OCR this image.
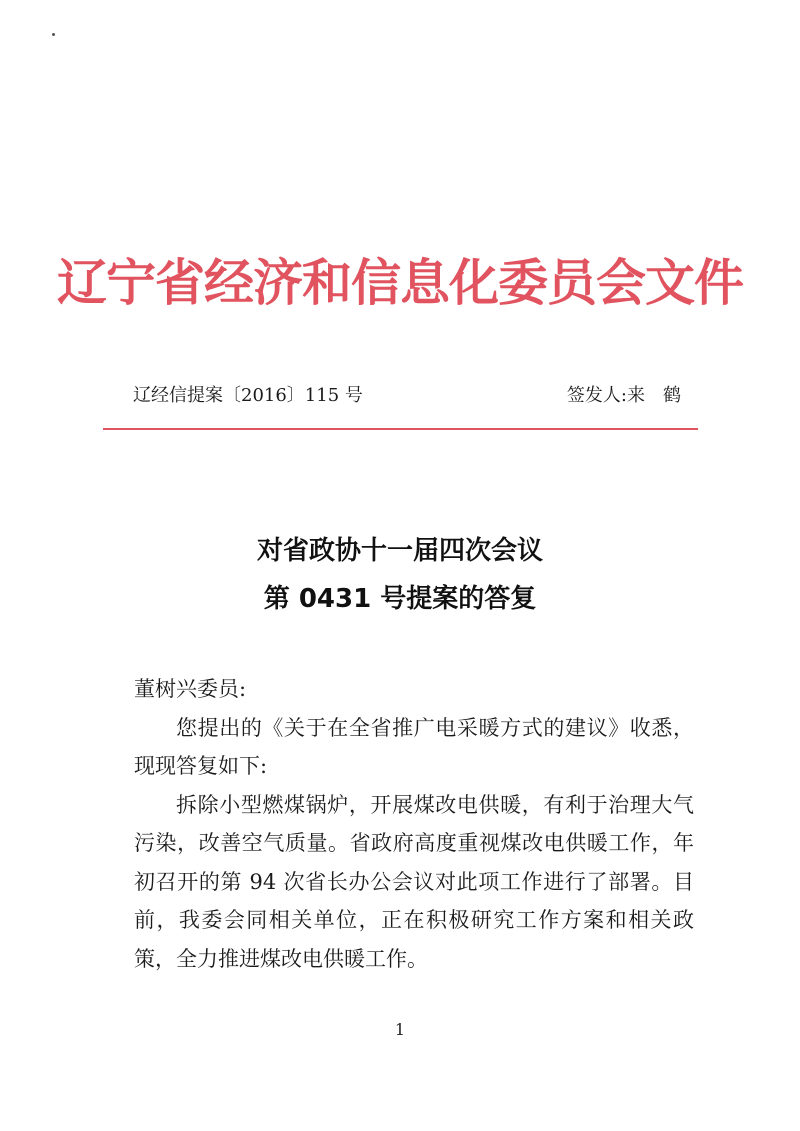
辽宁省经济和信息化委员会文件
辽经信提案〔2016〕115 号	签发人:来 鹤
对省政协十一届四次会议
第 0431 号提案的答复

董树兴委员:

您提出的《关于在全省推广电采暖方式的建议》收悉，现现答复如下:

拆除小型燃煤锅炉，开展煤改电供暖，有利于治理大气污染，改善空气质量。省政府高度重视煤改电供暖工作，年初召开的第 94 次省长办公会议对此项工作进行了部署。目前，我委会同相关单位，正在积极研究工作方案和相关政策，全力推进煤改电供暖工作。

1
